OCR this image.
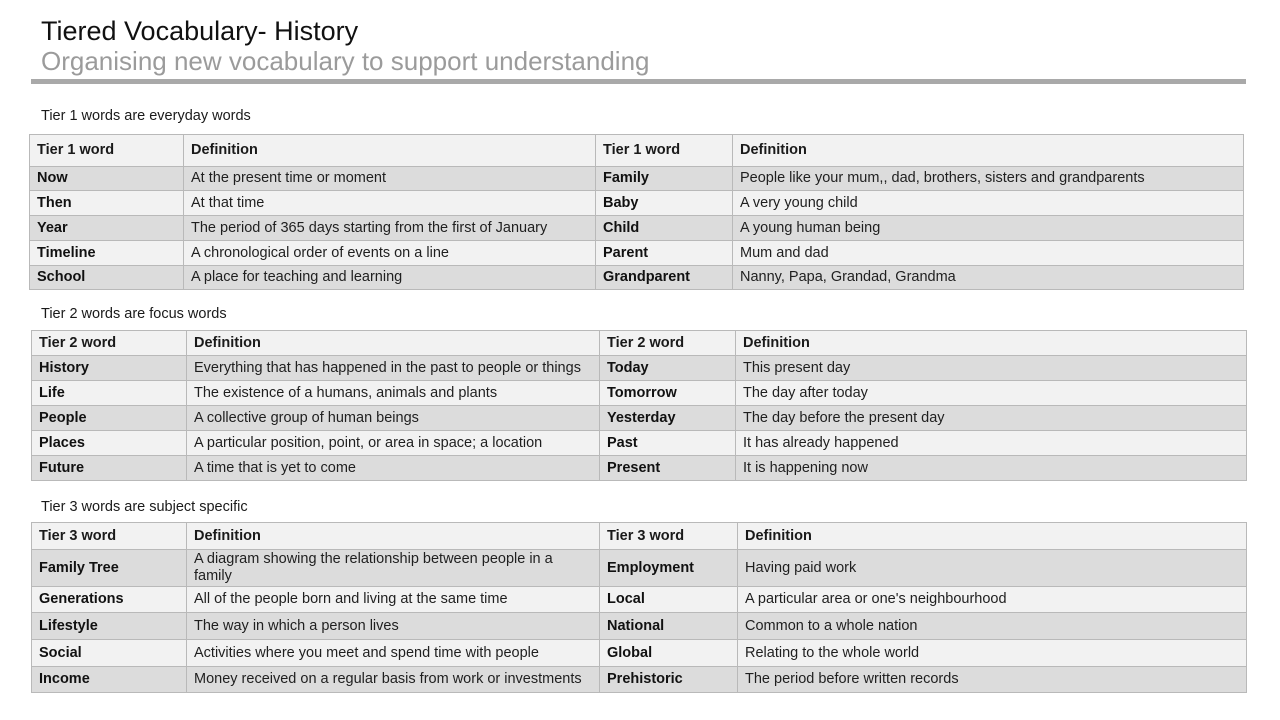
Tiered Vocabulary- History
Organising new vocabulary to support understanding
Tier 1 words are everyday words
Tier 1 word	Definition	Tier 1 word	Definition
Now	At the present time or moment	Family	People like your mum,, dad, brothers, sisters and grandparents
Then	At that time	Baby	A very young child
Year	The period of 365 days starting from the first of January	Child	A young human being
Timeline	A chronological order of events on a line	Parent	Mum and dad
School	A place for teaching and learning	Grandparent	Nanny, Papa, Grandad, Grandma
Tier 2 words are focus words
Tier 2 word	Definition	Tier 2 word	Definition
History	Everything that has happened in the past to people or things	Today	This present day
Life	The existence of a humans, animals and plants	Tomorrow	The day after today
People	A collective group of human beings	Yesterday	The day before the present day
Places	A particular position, point, or area in space; a location	Past	It has already happened
Future	A time that is yet to come	Present	It is happening now
Tier 3 words are subject specific
Tier 3 word	Definition	Tier 3 word	Definition
Family Tree	A diagram showing the relationship between people in a family	Employment	Having paid work
Generations	All of the people born and living at the same time	Local	A particular area or one's neighbourhood
Lifestyle	The way in which a person lives	National	Common to a whole nation
Social	Activities where you meet and spend time with people	Global	Relating to the whole world
Income	Money received on a regular basis from work or investments	Prehistoric	The period before written records
